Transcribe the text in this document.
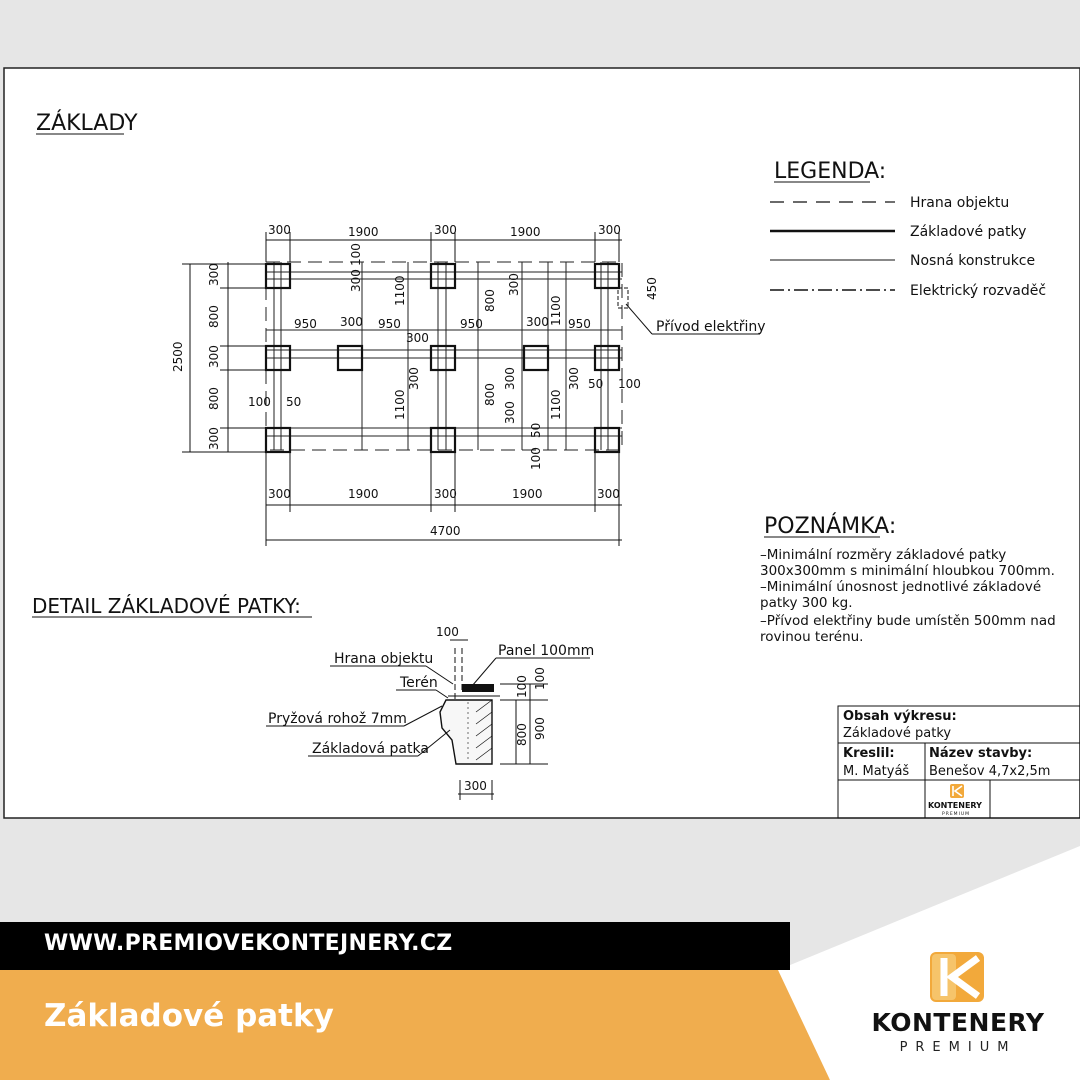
ZÁKLADY
Přívod elektřiny
300	1900	300	1900	300
300	1900	300	1900	300
4700
300
800
300
800
300
2500
950 300 950	950	300 950
100 50
1100	800
300
800
1100
300
300	300
1100	300	1100
300
300
100
50
100
100
50
450
LEGENDA:
Hrana objektu
Základové patky
Nosná konstrukce
Elektrický rozvaděč
POZNÁMKA:
–Minimální rozměry základové patky
300x300mm s minimální hloubkou 700mm.
–Minimální únosnost jednotlivé základové
patky 300 kg.
–Přívod elektřiny bude umístěn 500mm nad
rovinou terénu.
DETAIL ZÁKLADOVÉ PATKY:
Hrana objektu
Terén
Pryžová rohož 7mm
Základová patka
Panel 100mm
100
100 100
800 900
300
Obsah výkresu:
Základové patky
Kreslil:
M. Matyáš
Název stavby:
Benešov 4,7x2,5m
KONTENERY
PREMIUM
WWW.PREMIOVEKONTEJNERY.CZ
Základové patky	KONTENERY
PREMIUM
